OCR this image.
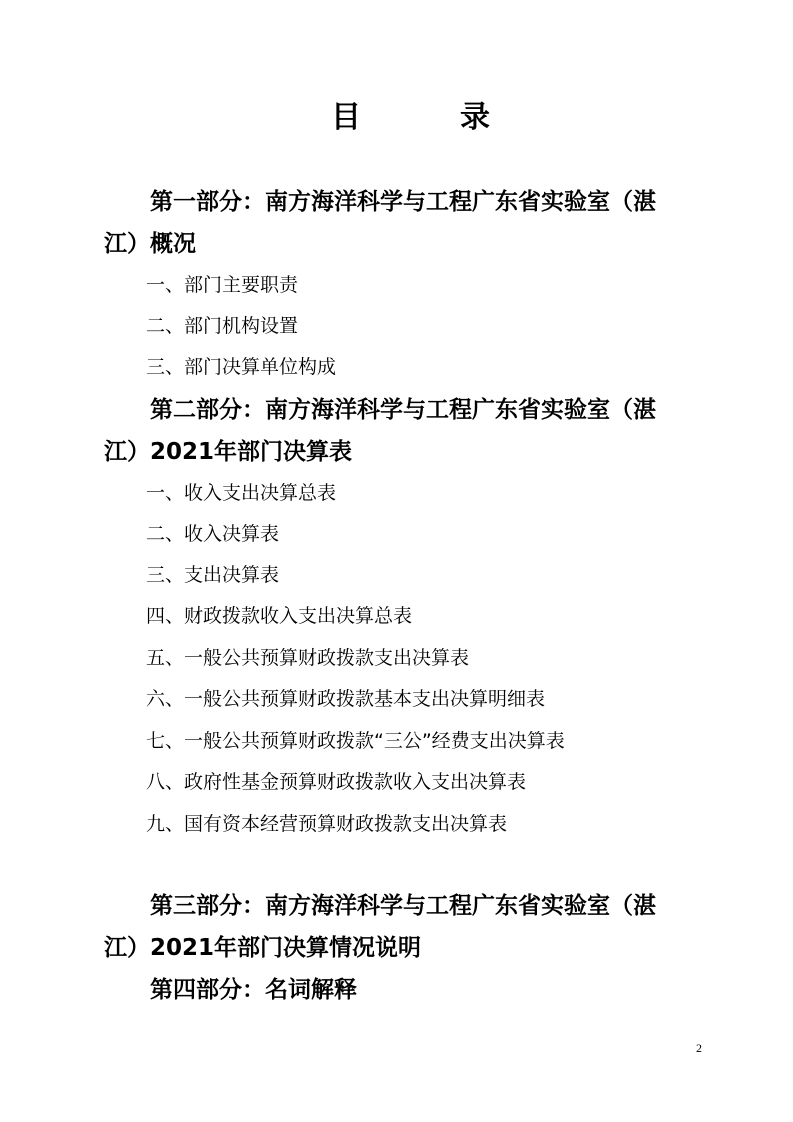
目	录
第一部分：南方海洋科学与工程广东省实验室（湛
江）概况
一、部门主要职责
二、部门机构设置
三、部门决算单位构成
第二部分：南方海洋科学与工程广东省实验室（湛
江）2021年部门决算表
一、收入支出决算总表
二、收入决算表
三、支出决算表
四、财政拨款收入支出决算总表
五、一般公共预算财政拨款支出决算表
六、一般公共预算财政拨款基本支出决算明细表
七、一般公共预算财政拨款“三公”经费支出决算表
八、政府性基金预算财政拨款收入支出决算表
九、国有资本经营预算财政拨款支出决算表
第三部分：南方海洋科学与工程广东省实验室（湛
江）2021年部门决算情况说明
第四部分：名词解释
2
